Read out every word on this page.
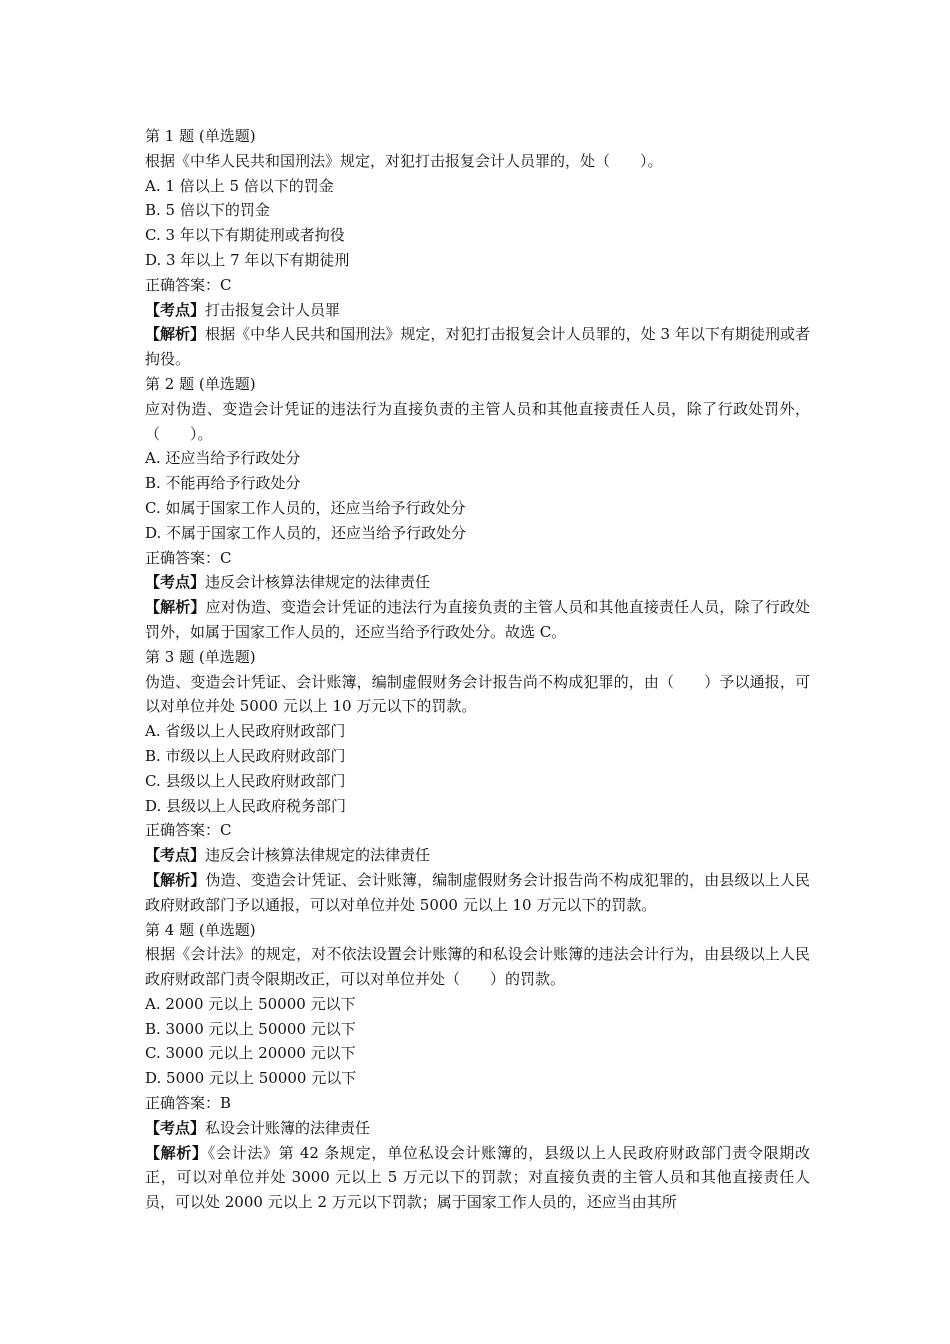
第 1 题 (单选题)
根据《中华人民共和国刑法》规定，对犯打击报复会计人员罪的，处（　　）。
A. 1 倍以上 5 倍以下的罚金
B. 5 倍以下的罚金
C. 3 年以下有期徒刑或者拘役
D. 3 年以上 7 年以下有期徒刑
正确答案：C
【考点】打击报复会计人员罪
【解析】根据《中华人民共和国刑法》规定，对犯打击报复会计人员罪的，处 3 年以下有期徒刑或者拘役。
第 2 题 (单选题)
应对伪造、变造会计凭证的违法行为直接负责的主管人员和其他直接责任人员，除了行政处罚外，（　　）。
A. 还应当给予行政处分
B. 不能再给予行政处分
C. 如属于国家工作人员的，还应当给予行政处分
D. 不属于国家工作人员的，还应当给予行政处分
正确答案：C
【考点】违反会计核算法律规定的法律责任
【解析】应对伪造、变造会计凭证的违法行为直接负责的主管人员和其他直接责任人员，除了行政处罚外，如属于国家工作人员的，还应当给予行政处分。故选 C。
第 3 题 (单选题)
伪造、变造会计凭证、会计账簿，编制虚假财务会计报告尚不构成犯罪的，由（　　）予以通报，可以对单位并处 5000 元以上 10 万元以下的罚款。
A. 省级以上人民政府财政部门
B. 市级以上人民政府财政部门
C. 县级以上人民政府财政部门
D. 县级以上人民政府税务部门
正确答案：C
【考点】违反会计核算法律规定的法律责任
【解析】伪造、变造会计凭证、会计账簿，编制虚假财务会计报告尚不构成犯罪的，由县级以上人民政府财政部门予以通报，可以对单位并处 5000 元以上 10 万元以下的罚款。
第 4 题 (单选题)
根据《会计法》的规定，对不依法设置会计账簿的和私设会计账簿的违法会计行为，由县级以上人民政府财政部门责令限期改正，可以对单位并处（　　）的罚款。
A. 2000 元以上 50000 元以下
B. 3000 元以上 50000 元以下
C. 3000 元以上 20000 元以下
D. 5000 元以上 50000 元以下
正确答案：B
【考点】私设会计账簿的法律责任
【解析】《会计法》第 42 条规定，单位私设会计账簿的，县级以上人民政府财政部门责令限期改正，可以对单位并处 3000 元以上 5 万元以下的罚款；对直接负责的主管人员和其他直接责任人员，可以处 2000 元以上 2 万元以下罚款；属于国家工作人员的，还应当由其所
